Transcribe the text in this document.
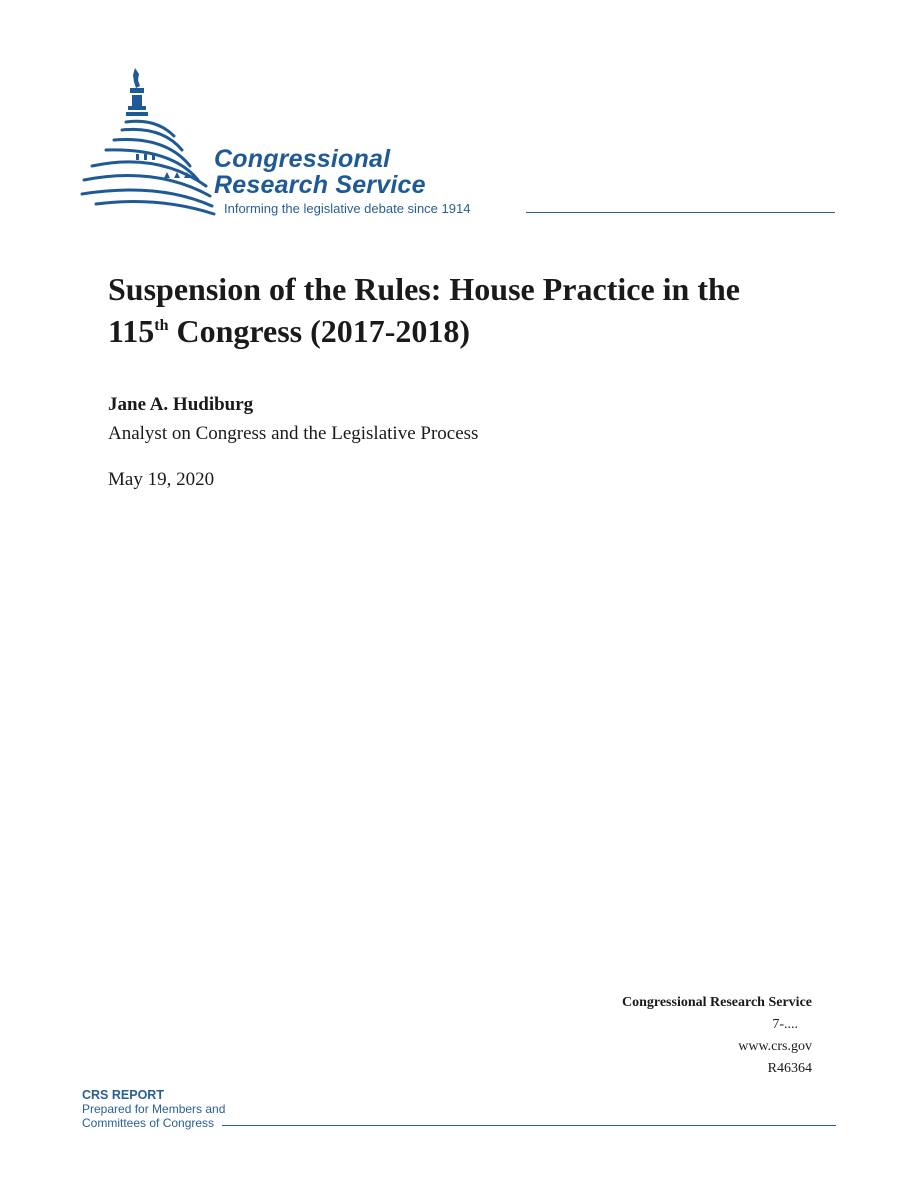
Congressional
Research Service
Informing the legislative debate since 1914
Suspension of the Rules: House Practice in the
115th Congress (2017-2018)
Jane A. Hudiburg
Analyst on Congress and the Legislative Process
May 19, 2020
Congressional Research Service
7-....
www.crs.gov
R46364
CRS REPORT
Prepared for Members and
Committees of Congress
